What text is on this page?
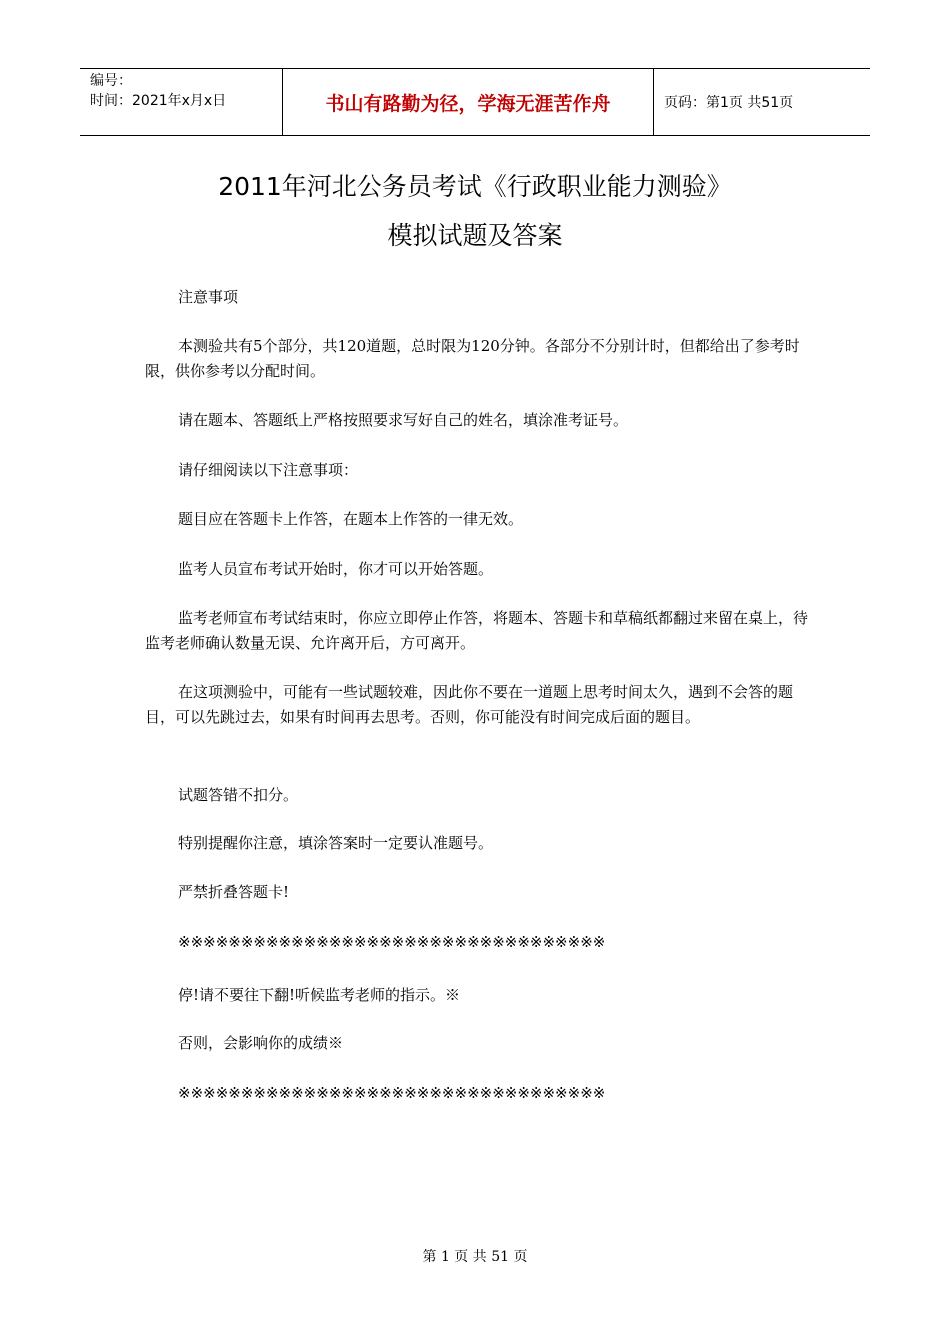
编号：
时间：2021年x月x日	书山有路勤为径，学海无涯苦作舟	页码：第1页 共51页
2011年河北公务员考试《行政职业能力测验》
模拟试题及答案
注意事项
本测验共有5个部分，共120道题，总时限为120分钟。各部分不分别计时，但都给出了参考时限，供你参考以分配时间。
请在题本、答题纸上严格按照要求写好自己的姓名，填涂准考证号。
请仔细阅读以下注意事项：
题目应在答题卡上作答，在题本上作答的一律无效。
监考人员宣布考试开始时，你才可以开始答题。
监考老师宣布考试结束时，你应立即停止作答，将题本、答题卡和草稿纸都翻过来留在桌上，待监考老师确认数量无误、允许离开后，方可离开。
在这项测验中，可能有一些试题较难，因此你不要在一道题上思考时间太久，遇到不会答的题目，可以先跳过去，如果有时间再去思考。否则，你可能没有时间完成后面的题目。
试题答错不扣分。
特别提醒你注意，填涂答案时一定要认准题号。
严禁折叠答题卡!
※※※※※※※※※※※※※※※※※※※※※※※※※※※※※※※※※※
停!请不要往下翻!听候监考老师的指示。※
否则，会影响你的成绩※
※※※※※※※※※※※※※※※※※※※※※※※※※※※※※※※※※※
第 1 页 共 51 页
